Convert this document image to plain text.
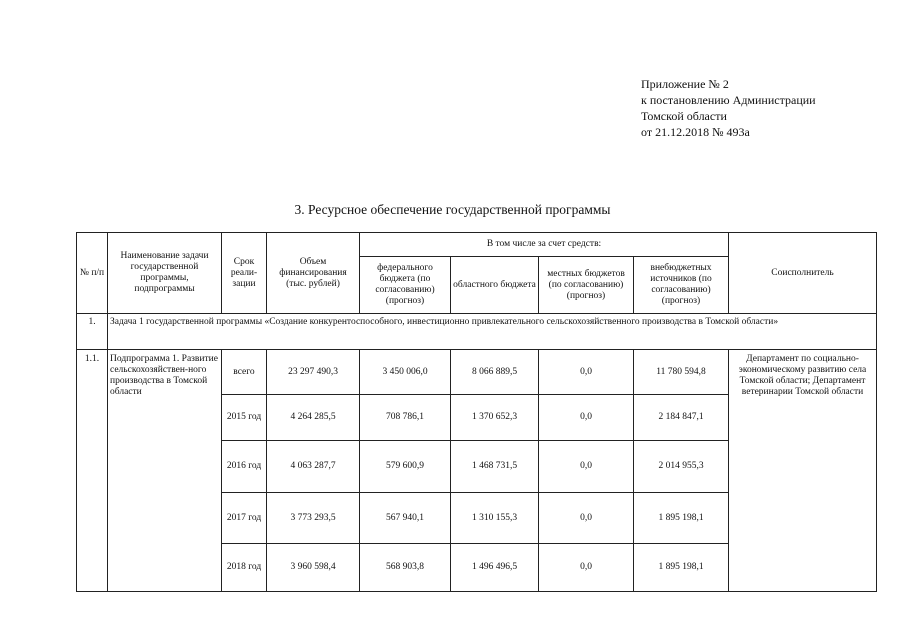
Приложение № 2
к постановлению Администрации
Томской области
от 21.12.2018 № 493а
3. Ресурсное обеспечение государственной программы
№ п/п	Наименование задачи государственной программы, подпрограммы	Срок реали-зации	Объем финансирования (тыс. рублей)	В том числе за счет средств:				Соисполнитель
				федерального бюджета (по согласованию) (прогноз)	областного бюджета	местных бюджетов (по согласованию) (прогноз)	внебюджетных источников (по согласованию) (прогноз)	
1.	Задача 1 государственной программы «Создание конкурентоспособного, инвестиционно привлекательного сельскохозяйственного производства в Томской области»							
1.1.	Подпрограмма 1. Развитие сельскохозяйствен-ного производства в Томской области	всего	23 297 490,3	3 450 006,0	8 066 889,5	0,0	11 780 594,8	Департамент по социально-экономическому развитию села Томской области; Департамент ветеринарии Томской области
		2015 год	4 264 285,5	708 786,1	1 370 652,3	0,0	2 184 847,1	
		2016 год	4 063 287,7	579 600,9	1 468 731,5	0,0	2 014 955,3	
		2017 год	3 773 293,5	567 940,1	1 310 155,3	0,0	1 895 198,1	
		2018 год	3 960 598,4	568 903,8	1 496 496,5	0,0	1 895 198,1	
